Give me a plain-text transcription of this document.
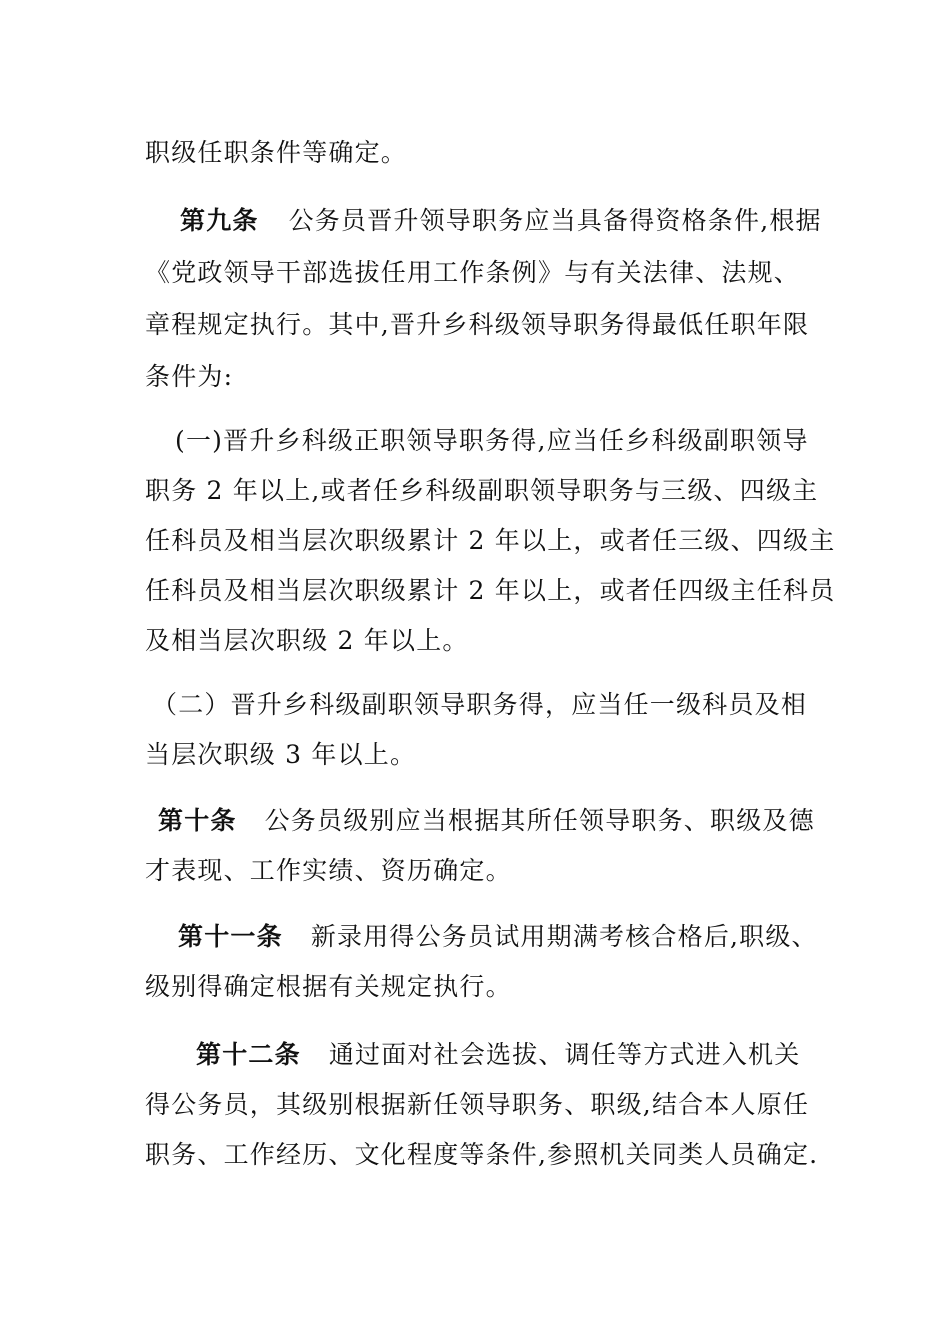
职级任职条件等确定。
第九条 公务员晋升领导职务应当具备得资格条件,根据
《党政领导干部选拔任用工作条例》与有关法律、法规、
章程规定执行。其中,晋升乡科级领导职务得最低任职年限
条件为:
(一)晋升乡科级正职领导职务得,应当任乡科级副职领导
职务 2 年以上,或者任乡科级副职领导职务与三级、四级主
任科员及相当层次职级累计 2 年以上，或者任三级、四级主
任科员及相当层次职级累计 2 年以上，或者任四级主任科员
及相当层次职级 2 年以上。
（二）晋升乡科级副职领导职务得，应当任一级科员及相
当层次职级 3 年以上。
第十条 公务员级别应当根据其所任领导职务、职级及德
才表现、工作实绩、资历确定。
第十一条 新录用得公务员试用期满考核合格后,职级、
级别得确定根据有关规定执行。
第十二条 通过面对社会选拔、调任等方式进入机关
得公务员，其级别根据新任领导职务、职级,结合本人原任
职务、工作经历、文化程度等条件,参照机关同类人员确定.
